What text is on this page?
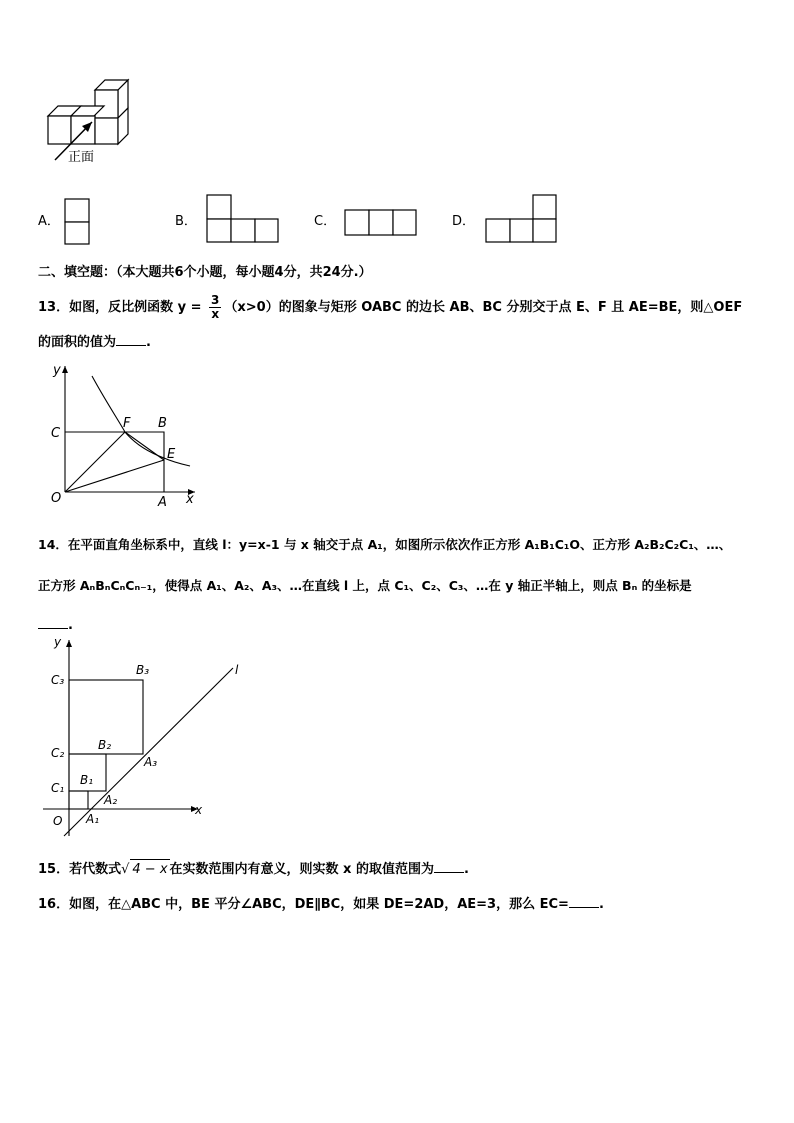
正面
A．	B．	C．	D．
二、填空题：（本大题共6个小题，每小题4分，共24分.）
13．如图，反比例函数 $y = \frac{3}{x} (x>0)$的图象与矩形 OABC 的边长 AB、BC 分别交于点 E、F 且 AE=BE，则△OEF
的面积的值为 .
y
x
O	A
B
C
E
F
14．在平面直角坐标系中，直线 l：y=x-1 与 x 轴交于点 A₁，如图所示依次作正方形 A₁B₁C₁O、正方形 A₂B₂C₂C₁、…、
正方形 AₙBₙCₙCₙ₋₁，使得点 A₁、A₂、A₃、…在直线 l 上，点 C₁、C₂、C₃、…在 y 轴正半轴上，则点 Bₙ 的坐标是
.
y
x
O
l
C₃
B₃
C₂
B₂
A₃
C₁
B₁
A₂
A₁
15．若代数式√ 4 − x 在实数范围内有意义，则实数 x 的取值范围为 .
16．如图，在△ABC 中，BE 平分∠ABC，DE∥BC，如果 DE=2AD，AE=3，那么 EC= .
